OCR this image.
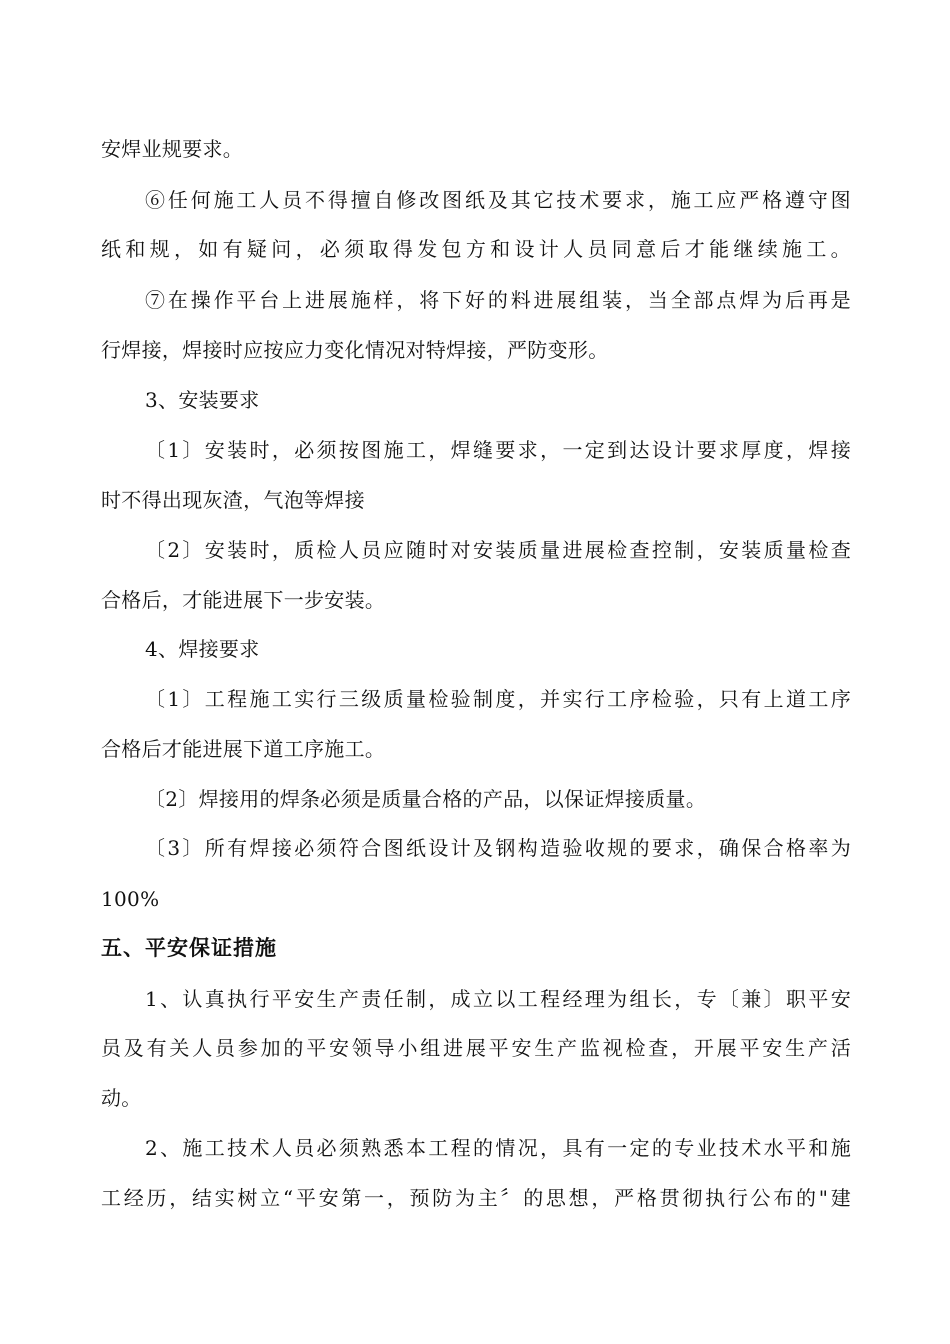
安焊业规要求。
⑥任何施工人员不得擅自修改图纸及其它技术要求，施工应严格遵守图
纸和规，如有疑问，必须取得发包方和设计人员同意后才能继续施工。
⑦在操作平台上进展施样，将下好的料进展组装，当全部点焊为后再是
行焊接，焊接时应按应力变化情况对特焊接，严防变形。
3、安装要求
〔1〕安装时，必须按图施工，焊缝要求，一定到达设计要求厚度，焊接
时不得出现灰渣，气泡等焊接
〔2〕安装时，质检人员应随时对安装质量进展检查控制，安装质量检查
合格后，才能进展下一步安装。
4、焊接要求
〔1〕工程施工实行三级质量检验制度，并实行工序检验，只有上道工序
合格后才能进展下道工序施工。
〔2〕焊接用的焊条必须是质量合格的产品，以保证焊接质量。
〔3〕所有焊接必须符合图纸设计及钢构造验收规的要求，确保合格率为
100%
五、平安保证措施
1、认真执行平安生产责任制，成立以工程经理为组长，专〔兼〕职平安
员及有关人员参加的平安领导小组进展平安生产监视检查，开展平安生产活
动。
2、施工技术人员必须熟悉本工程的情况，具有一定的专业技术水平和施
工经历，结实树立“平安第一，预防为主〞的思想，严格贯彻执行公布的"建
